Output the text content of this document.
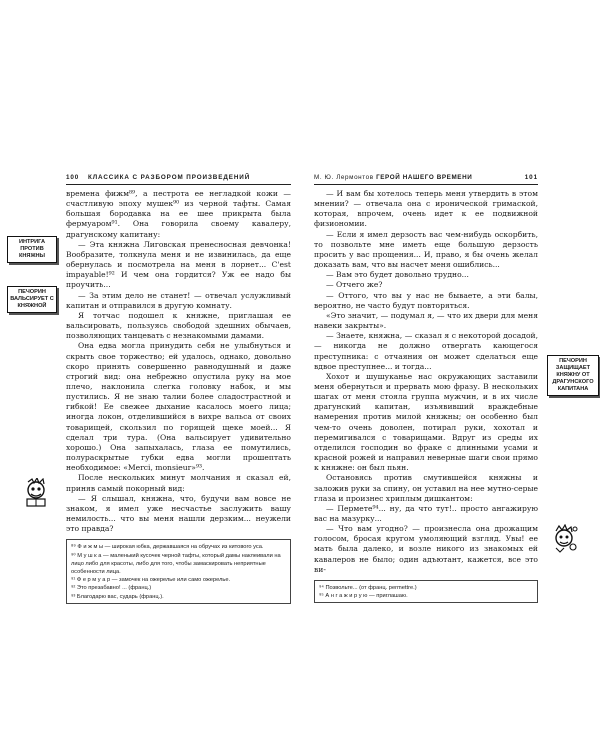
100 КЛАССИКА С РАЗБОРОМ ПРОИЗВЕДЕНИЙ

времена фижм⁸⁹, а пестрота ее негладкой кожи — счастливую эпоху мушек⁹⁰ из черной тафты. Самая большая бородавка на ее шее прикрыта была фермуаром⁹¹. Она говорила своему кавалеру, драгунскому капитану:

— Эта княжна Лиговская пренесносная девчонка! Вообразите, толкнула меня и не извинилась, да еще обернулась и посмотрела на меня в лорнет... C'est impayable!⁹² И чем она гордится? Уж ее надо бы проучить...

— За этим дело не станет! — отвечал услужливый капитан и отправился в другую комнату.

Я тотчас подошел к княжне, приглашая ее вальсировать, пользуясь свободой здешних обычаев, позволяющих танцевать с незнакомыми дамами.

Она едва могла принудить себя не улыбнуться и скрыть свое торжество; ей удалось, однако, довольно скоро принять совершенно равнодушный и даже строгий вид: она небрежно опустила руку на мое плечо, наклонила слегка головку набок, и мы пустились. Я не знаю талии более сладострастной и гибкой! Ее свежее дыхание касалось моего лица; иногда локон, отделившийся в вихре вальса от своих товарищей, скользил по горящей щеке моей... Я сделал три тура. (Она вальсирует удивительно хорошо.) Она запыхалась, глаза ее помутились, полураскрытые губки едва могли прошептать необходимое: «Merci, monsieur»⁹³.

После нескольких минут молчания я сказал ей, приняв самый покорный вид:

— Я слышал, княжна, что, будучи вам вовсе не знаком, я имел уже несчастье заслужить вашу немилость... что вы меня нашли дерзким... неужели это правда?

⁸⁹ Ф и ж м ы — широкая юбка, державшаяся на обручах из китового уса.
⁹⁰ М у ш к а — маленький кусочек черной тафты, который дамы наклеивали на лицо либо для красоты, либо для того, чтобы замаскировать неприятные особенности лица.
⁹¹ Ф е р м у а р — замочек на ожерелье или само ожерелье.
⁹² Это презабавно! ... (франц.)
⁹³ Благодарю вас, сударь (франц.).
ИНТРИГА ПРОТИВ КНЯЖНЫ
ПЕЧОРИН ВАЛЬСИРУЕТ С КНЯЖНОЙ
М. Ю. Лермонтов ГЕРОЙ НАШЕГО ВРЕМЕНИ	101

— И вам бы хотелось теперь меня утвердить в этом мнении? — отвечала она с иронической гримаской, которая, впрочем, очень идет к ее подвижной физиономии.

— Если я имел дерзость вас чем-нибудь оскорбить, то позвольте мне иметь еще большую дерзость просить у вас прощения... И, право, я бы очень желал доказать вам, что вы насчет меня ошиблись...

— Вам это будет довольно трудно...

— Отчего же?

— Оттого, что вы у нас не бываете, а эти балы, вероятно, не часто будут повторяться.

«Это значит, — подумал я, — что их двери для меня навеки закрыты».

— Знаете, княжна, — сказал я с некоторой досадой, — никогда не должно отвергать кающегося преступника: с отчаяния он может сделаться еще вдвое преступнее... и тогда...

Хохот и шушуканье нас окружающих заставили меня обернуться и прервать мою фразу. В нескольких шагах от меня стояла группа мужчин, и в их числе драгунский капитан, изъявивший враждебные намерения против милой княжны; он особенно был чем-то очень доволен, потирал руки, хохотал и перемигивался с товарищами. Вдруг из среды их отделился господин во фраке с длинными усами и красной рожей и направил неверные шаги свои прямо к княжне: он был пьян.

Остановясь против смутившейся княжны и заложив руки за спину, он уставил на нее мутно-серые глаза и произнес хриплым дишкантом:

— Пермете⁹⁴... ну, да что тут!.. просто ангажирую вас на мазурку...

— Что вам угодно? — произнесла она дрожащим голосом, бросая кругом умоляющий взгляд. Увы! ее мать была далеко, и возле никого из знакомых ей кавалеров не было; один адъютант, кажется, все это ви-

⁹⁴ Позвольте... (от франц. permettre.)
⁹⁵ А н г а ж и р у ю — приглашаю.
ПЕЧОРИН ЗАЩИЩАЕТ КНЯЖНУ ОТ ДРАГУНСКОГО КАПИТАНА
